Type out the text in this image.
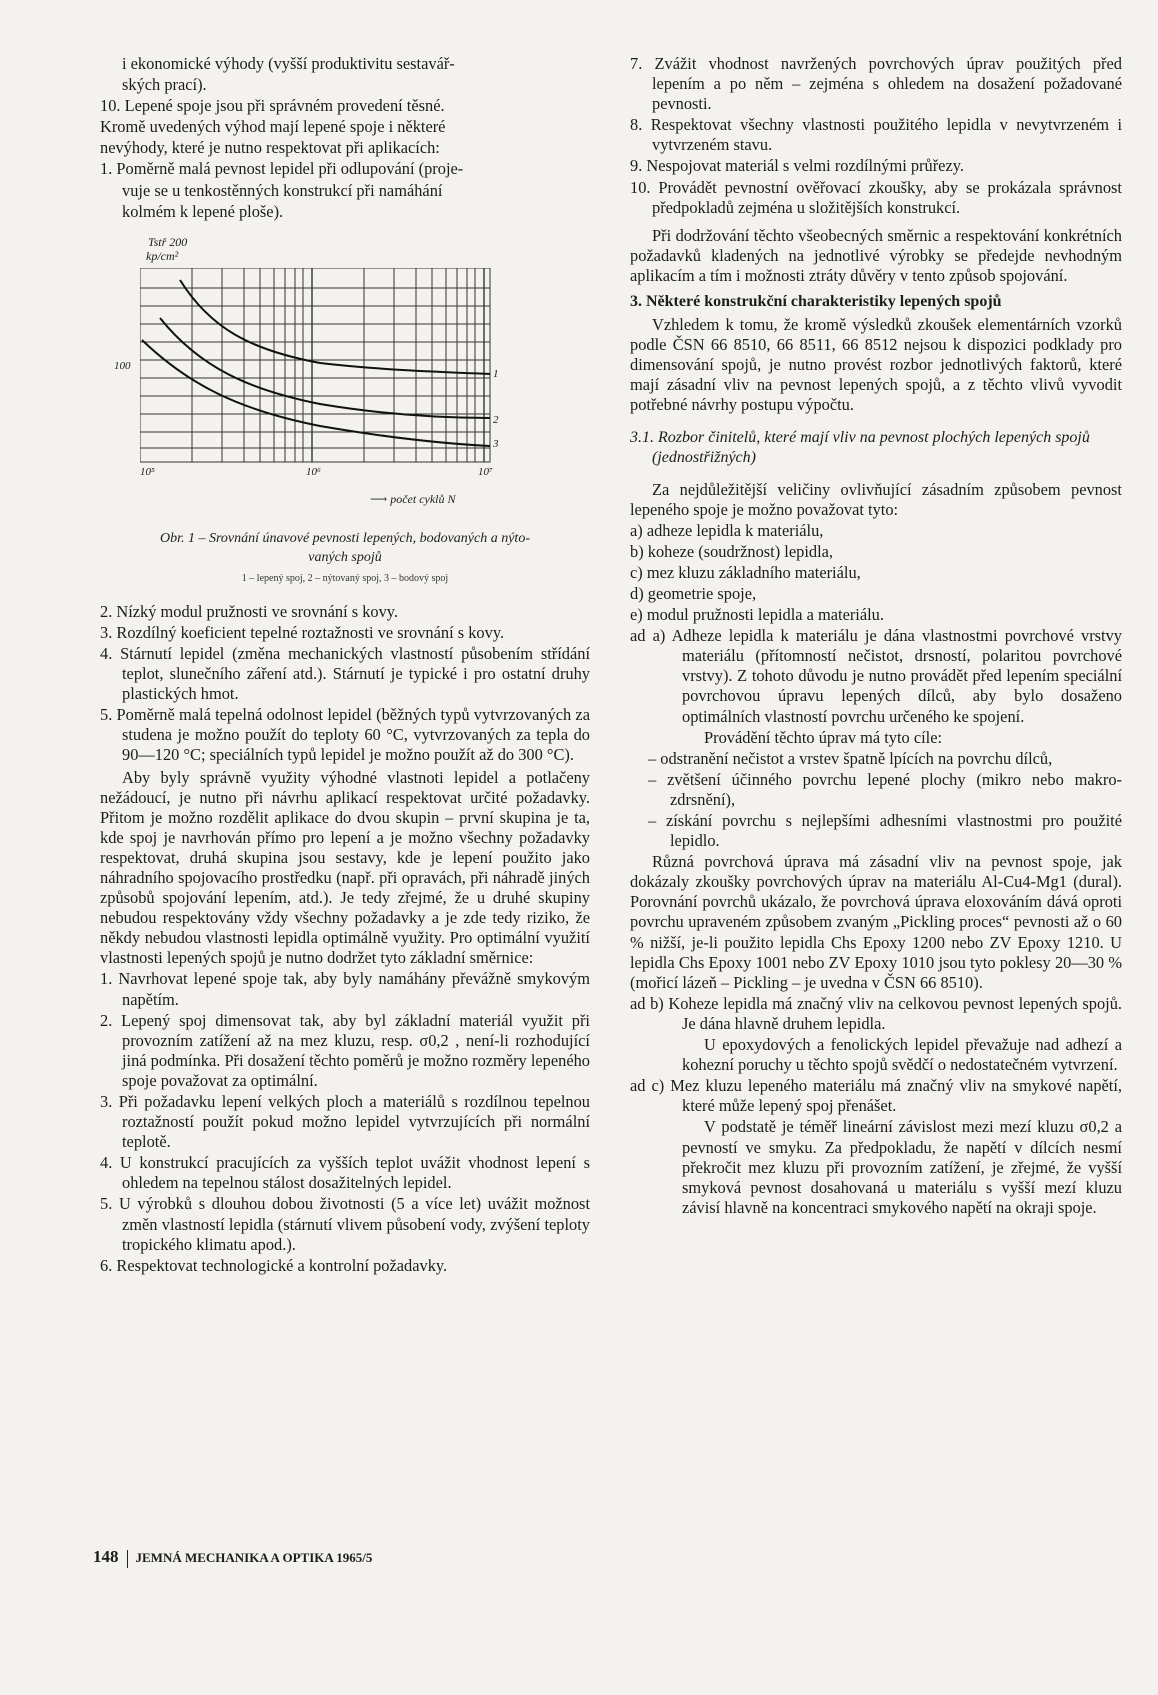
i ekonomické výhody (vyšší produktivitu sestavář-

ských prací).

10. Lepené spoje jsou při správném provedení těsné.

Kromě uvedených výhod mají lepené spoje i některé

nevýhody, které je nutno respektovat při aplikacích:

1. Poměrně malá pevnost lepidel při odlupování (proje-

vuje se u tenkostěnných konstrukcí při namáhání

kolmém k lepené ploše).

Tstř 200
kp/cm²
100
1
2
3
10⁵	10⁶	10⁷
⟶ počet cyklů N
Obr. 1 – Srovnání únavové pevnosti lepených, bodovaných a nýto-
vaných spojů
1 – lepený spoj, 2 – nýtovaný spoj, 3 – bodový spoj

2. Nízký modul pružnosti ve srovnání s kovy.

3. Rozdílný koeficient tepelné roztažnosti ve srovnání s kovy.

4. Stárnutí lepidel (změna mechanických vlastností působením střídání teplot, slunečního záření atd.). Stárnutí je typické i pro ostatní druhy plastických hmot.

5. Poměrně malá tepelná odolnost lepidel (běžných typů vytvrzovaných za studena je možno použít do teploty 60 °C, vytvrzovaných za tepla do 90—120 °C; speciálních typů lepidel je možno použít až do 300 °C).

Aby byly správně využity výhodné vlastnoti lepidel a potlačeny nežádoucí, je nutno při návrhu aplikací respektovat určité požadavky. Přitom je možno rozdělit aplikace do dvou skupin – první skupina je ta, kde spoj je navrhován přímo pro lepení a je možno všechny požadavky respektovat, druhá skupina jsou sestavy, kde je lepení použito jako náhradního spojovacího prostředku (např. při opravách, při náhradě jiných způsobů spojování lepením, atd.). Je tedy zřejmé, že u druhé skupiny nebudou respektovány vždy všechny požadavky a je zde tedy riziko, že někdy nebudou vlastnosti lepidla optimálně využity. Pro optimální využití vlastnosti lepených spojů je nutno dodržet tyto základní směrnice:

1. Navrhovat lepené spoje tak, aby byly namáhány převážně smykovým napětím.

2. Lepený spoj dimensovat tak, aby byl základní materiál využit při provozním zatížení až na mez kluzu, resp. σ0,2 , není-li rozhodující jiná podmínka. Při dosažení těchto poměrů je možno rozměry lepeného spoje považovat za optimální.

3. Při požadavku lepení velkých ploch a materiálů s rozdílnou tepelnou roztažností použít pokud možno lepidel vytvrzujících při normální teplotě.

4. U konstrukcí pracujících za vyšších teplot uvážit vhodnost lepení s ohledem na tepelnou stálost dosažitelných lepidel.

5. U výrobků s dlouhou dobou životnosti (5 a více let) uvážit možnost změn vlastností lepidla (stárnutí vlivem působení vody, zvýšení teploty tropického klimatu apod.).

6. Respektovat technologické a kontrolní požadavky.

7. Zvážit vhodnost navržených povrchových úprav použitých před lepením a po něm – zejména s ohledem na dosažení požadované pevnosti.

8. Respektovat všechny vlastnosti použitého lepidla v nevytvrzeném i vytvrzeném stavu.

9. Nespojovat materiál s velmi rozdílnými průřezy.

10. Provádět pevnostní ověřovací zkoušky, aby se prokázala správnost předpokladů zejména u složitějších konstrukcí.

Při dodržování těchto všeobecných směrnic a respektování konkrétních požadavků kladených na jednotlivé výrobky se předejde nevhodným aplikacím a tím i možnosti ztráty důvěry v tento způsob spojování.

3. Některé konstrukční charakteristiky lepených spojů

Vzhledem k tomu, že kromě výsledků zkoušek elementárních vzorků podle ČSN 66 8510, 66 8511, 66 8512 nejsou k dispozici podklady pro dimensování spojů, je nutno provést rozbor jednotlivých faktorů, které mají zásadní vliv na pevnost lepených spojů, a z těchto vlivů vyvodit potřebné návrhy postupu výpočtu.

3.1. Rozbor činitelů, které mají vliv na pevnost plochých lepených spojů (jednostřižných)

Za nejdůležitější veličiny ovlivňující zásadním způsobem pevnost lepeného spoje je možno považovat tyto:

a) adheze lepidla k materiálu,

b) koheze (soudržnost) lepidla,

c) mez kluzu základního materiálu,

d) geometrie spoje,

e) modul pružnosti lepidla a materiálu.

ad a) Adheze lepidla k materiálu je dána vlastnostmi povrchové vrstvy materiálu (přítomností nečistot, drsností, polaritou povrchové vrstvy). Z tohoto důvodu je nutno provádět před lepením speciální povrchovou úpravu lepených dílců, aby bylo dosaženo optimálních vlastností povrchu určeného ke spojení.

Provádění těchto úprav má tyto cíle:

– odstranění nečistot a vrstev špatně lpících na povrchu dílců,

– zvětšení účinného povrchu lepené plochy (mikro nebo makro-zdrsnění),

– získání povrchu s nejlepšími adhesními vlastnostmi pro použité lepidlo.

Různá povrchová úprava má zásadní vliv na pevnost spoje, jak dokázaly zkoušky povrchových úprav na materiálu Al-Cu4-Mg1 (dural). Porovnání povrchů ukázalo, že povrchová úprava eloxováním dává oproti povrchu upraveném způsobem zvaným „Pickling proces“ pevnosti až o 60 % nižší, je-li použito lepidla Chs Epoxy 1200 nebo ZV Epoxy 1210. U lepidla Chs Epoxy 1001 nebo ZV Epoxy 1010 jsou tyto poklesy 20—30 % (mořicí lázeň – Pickling – je uvedna v ČSN 66 8510).

ad b) Koheze lepidla má značný vliv na celkovou pevnost lepených spojů. Je dána hlavně druhem lepidla.

U epoxydových a fenolických lepidel převažuje nad adhezí a kohezní poruchy u těchto spojů svědčí o nedostatečném vytvrzení.

ad c) Mez kluzu lepeného materiálu má značný vliv na smykové napětí, které může lepený spoj přenášet.

V podstatě je téměř lineární závislost mezi mezí kluzu σ0,2 a pevností ve smyku. Za předpokladu, že napětí v dílcích nesmí překročit mez kluzu při provozním zatížení, je zřejmé, že vyšší smyková pevnost dosahovaná u materiálu s vyšší mezí kluzu závisí hlavně na koncentraci smykového napětí na okraji spoje.

148 JEMNÁ MECHANIKA A OPTIKA 1965/5
